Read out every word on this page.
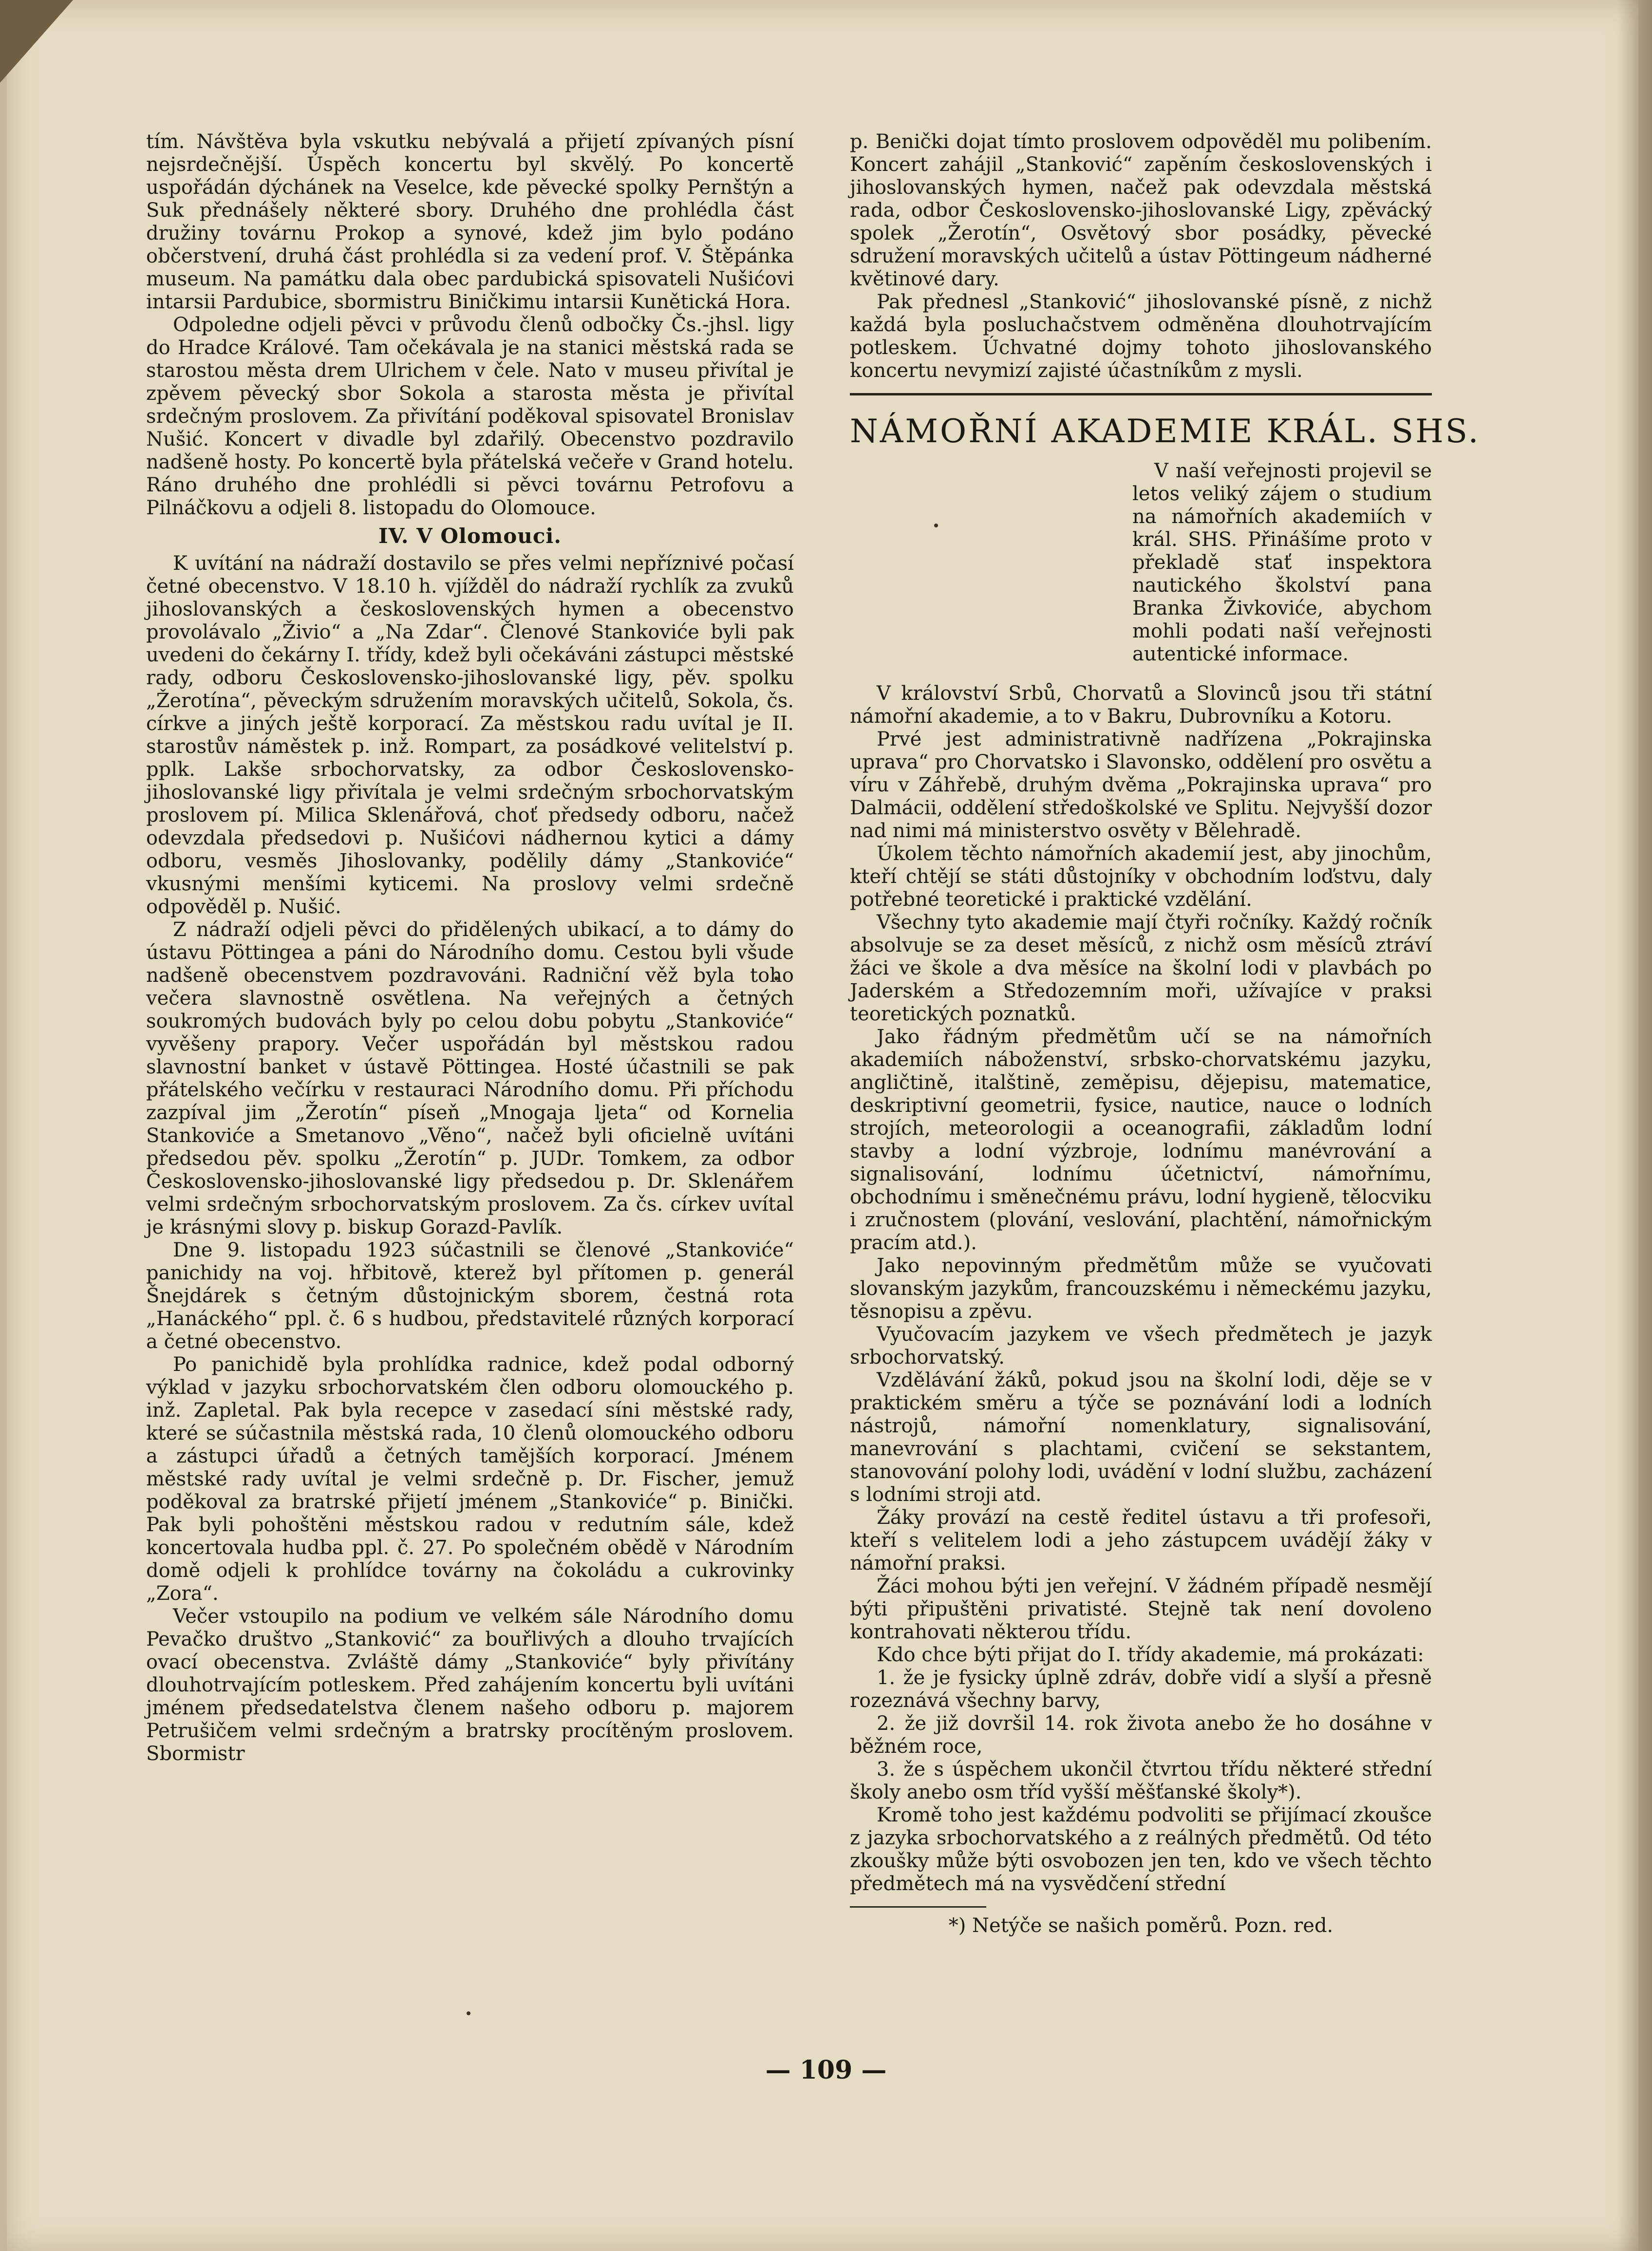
tím. Návštěva byla vskutku nebývalá a přijetí zpívaných písní nejsrdečnější. Úspěch koncertu byl skvělý. Po koncertě uspořádán dýchánek na Veselce, kde pěvecké spolky Pernštýn a Suk přednášely některé sbory. Druhého dne prohlédla část družiny továrnu Prokop a synové, kdež jim bylo podáno občerstvení, druhá část prohlédla si za vedení prof. V. Štěpánka museum. Na památku dala obec pardubická spisovateli Nušićovi intarsii Pardubice, sbormistru Biničkimu intarsii Kunětická Hora.

Odpoledne odjeli pěvci v průvodu členů odbočky Čs.-jhsl. ligy do Hradce Králové. Tam očekávala je na stanici městská rada se starostou města drem Ulrichem v čele. Nato v museu přivítal je zpěvem pěvecký sbor Sokola a starosta města je přivítal srdečným proslovem. Za přivítání poděkoval spisovatel Bronislav Nušić. Koncert v divadle byl zdařilý. Obecenstvo pozdravilo nadšeně hosty. Po koncertě byla přátelská večeře v Grand hotelu. Ráno druhého dne prohlédli si pěvci továrnu Petrofovu a Pilnáčkovu a odjeli 8. listopadu do Olomouce.

IV. V Olomouci.

K uvítání na nádraží dostavilo se přes velmi nepříznivé počasí četné obecenstvo. V 18.10 h. vjížděl do nádraží rychlík za zvuků jihoslovanských a československých hymen a obecenstvo provolávalo „Živio“ a „Na Zdar“. Členové Stankoviće byli pak uvedeni do čekárny I. třídy, kdež byli očekáváni zástupci městské rady, odboru Československo-jihoslovanské ligy, pěv. spolku „Žerotína“, pěveckým sdružením moravských učitelů, Sokola, čs. církve a jiných ještě korporací. Za městskou radu uvítal je II. starostův náměstek p. inž. Rompart, za posádkové velitelství p. pplk. Lakše srbochorvatsky, za odbor Československo-jihoslovanské ligy přivítala je velmi srdečným srbochorvatským proslovem pí. Milica Sklenářová, choť předsedy odboru, načež odevzdala předsedovi p. Nušićovi nádhernou kytici a dámy odboru, vesměs Jihoslovanky, podělily dámy „Stankoviće“ vkusnými menšími kyticemi. Na proslovy velmi srdečně odpověděl p. Nušić.

Z nádraží odjeli pěvci do přidělených ubikací, a to dámy do ústavu Pöttingea a páni do Národního domu. Cestou byli všude nadšeně obecenstvem pozdravováni. Radniční věž byla toho večera slavnostně osvětlena. Na veřejných a četných soukromých budovách byly po celou dobu pobytu „Stankoviće“ vyvěšeny prapory. Večer uspořádán byl městskou radou slavnostní banket v ústavě Pöttingea. Hosté účastnili se pak přátelského večírku v restauraci Národního domu. Při příchodu zazpíval jim „Žerotín“ píseň „Mnogaja ljeta“ od Kornelia Stankoviće a Smetanovo „Věno“, načež byli oficielně uvítáni předsedou pěv. spolku „Žerotín“ p. JUDr. Tomkem, za odbor Československo-jihoslovanské ligy předsedou p. Dr. Sklenářem velmi srdečným srbochorvatským proslovem. Za čs. církev uvítal je krásnými slovy p. biskup Gorazd-Pavlík.

Dne 9. listopadu 1923 súčastnili se členové „Stankoviće“ panichidy na voj. hřbitově, kterež byl přítomen p. generál Šnejdárek s četným důstojnickým sborem, čestná rota „Hanáckého“ ppl. č. 6 s hudbou, představitelé různých korporací a četné obecenstvo.

Po panichidě byla prohlídka radnice, kdež podal odborný výklad v jazyku srbochorvatském člen odboru olomouckého p. inž. Zapletal. Pak byla recepce v zasedací síni městské rady, které se súčastnila městská rada, 10 členů olomouckého odboru a zástupci úřadů a četných tamějších korporací. Jménem městské rady uvítal je velmi srdečně p. Dr. Fischer, jemuž poděkoval za bratrské přijetí jménem „Stankoviće“ p. Binički. Pak byli pohoštěni městskou radou v redutním sále, kdež koncertovala hudba ppl. č. 27. Po společném obědě v Národním domě odjeli k prohlídce továrny na čokoládu a cukrovinky „Zora“.

Večer vstoupilo na podium ve velkém sále Národního domu Pevačko društvo „Stanković“ za bouřlivých a dlouho trvajících ovací obecenstva. Zvláště dámy „Stankoviće“ byly přivítány dlouhotrvajícím potleskem. Před zahájením koncertu byli uvítáni jménem předsedatelstva členem našeho odboru p. majorem Petrušičem velmi srdečným a bratrsky procítěným proslovem. Sbormistr

p. Benički dojat tímto proslovem odpověděl mu polibením. Koncert zahájil „Stanković“ zapěním československých i jihoslovanských hymen, načež pak odevzdala městská rada, odbor Československo-jihoslovanské Ligy, zpěvácký spolek „Žerotín“, Osvětový sbor posádky, pěvecké sdružení moravských učitelů a ústav Pöttingeum nádherné květinové dary.

Pak přednesl „Stanković“ jihoslovanské písně, z nichž každá byla posluchačstvem odměněna dlouhotrvajícím potleskem. Úchvatné dojmy tohoto jihoslovanského koncertu nevymizí zajisté účastníkům z mysli.

NÁMOŘNÍ AKADEMIE KRÁL. SHS.

V naší veřejnosti projevil se letos veliký zájem o studium na námořních akademiích v král. SHS. Přinášíme proto v překladě stať inspektora nautického školství pana Branka Živkoviće, abychom mohli podati naší veřejnosti autentické informace.

V království Srbů, Chorvatů a Slovinců jsou tři státní námořní akademie, a to v Bakru, Dubrovníku a Kotoru.

Prvé jest administrativně nadřízena „Pokrajinska uprava“ pro Chorvatsko i Slavonsko, oddělení pro osvětu a víru v Záhřebě, druhým dvěma „Pokrajinska uprava“ pro Dalmácii, oddělení středoškolské ve Splitu. Nejvyšší dozor nad nimi má ministerstvo osvěty v Bělehradě.

Úkolem těchto námořních akademií jest, aby jinochům, kteří chtějí se státi důstojníky v obchodním loďstvu, daly potřebné teoretické i praktické vzdělání.

Všechny tyto akademie mají čtyři ročníky. Každý ročník absolvuje se za deset měsíců, z nichž osm měsíců ztráví žáci ve škole a dva měsíce na školní lodi v plavbách po Jaderském a Středozemním moři, užívajíce v praksi teoretických poznatků.

Jako řádným předmětům učí se na námořních akademiích náboženství, srbsko-chorvatskému jazyku, angličtině, italštině, zeměpisu, dějepisu, matematice, deskriptivní geometrii, fysice, nautice, nauce o lodních strojích, meteorologii a oceanografii, základům lodní stavby a lodní výzbroje, lodnímu manévrování a signalisování, lodnímu účetnictví, námořnímu, obchodnímu i směnečnému právu, lodní hygieně, tělocviku i zručnostem (plování, veslování, plachtění, námořnickým pracím atd.).

Jako nepovinným předmětům může se vyučovati slovanským jazykům, francouzskému i německému jazyku, těsnopisu a zpěvu.

Vyučovacím jazykem ve všech předmětech je jazyk srbochorvatský.

Vzdělávání žáků, pokud jsou na školní lodi, děje se v praktickém směru a týče se poznávání lodi a lodních nástrojů, námořní nomenklatury, signalisování, manevrování s plachtami, cvičení se sekstantem, stanovování polohy lodi, uvádění v lodní službu, zacházení s lodními stroji atd.

Žáky provází na cestě ředitel ústavu a tři profesoři, kteří s velitelem lodi a jeho zástupcem uvádějí žáky v námořní praksi.

Žáci mohou býti jen veřejní. V žádném případě nesmějí býti připuštěni privatisté. Stejně tak není dovoleno kontrahovati některou třídu.

Kdo chce býti přijat do I. třídy akademie, má prokázati:

1. že je fysicky úplně zdráv, dobře vidí a slyší a přesně rozeznává všechny barvy,

2. že již dovršil 14. rok života anebo že ho dosáhne v běžném roce,

3. že s úspěchem ukončil čtvrtou třídu některé střední školy anebo osm tříd vyšší měšťanské školy*).

Kromě toho jest každému podvoliti se přijímací zkoušce z jazyka srbochorvatského a z reálných předmětů. Od této zkoušky může býti osvobozen jen ten, kdo ve všech těchto předmětech má na vysvědčení střední

*) Netýče se našich poměrů. Pozn. red.
— 109 —
